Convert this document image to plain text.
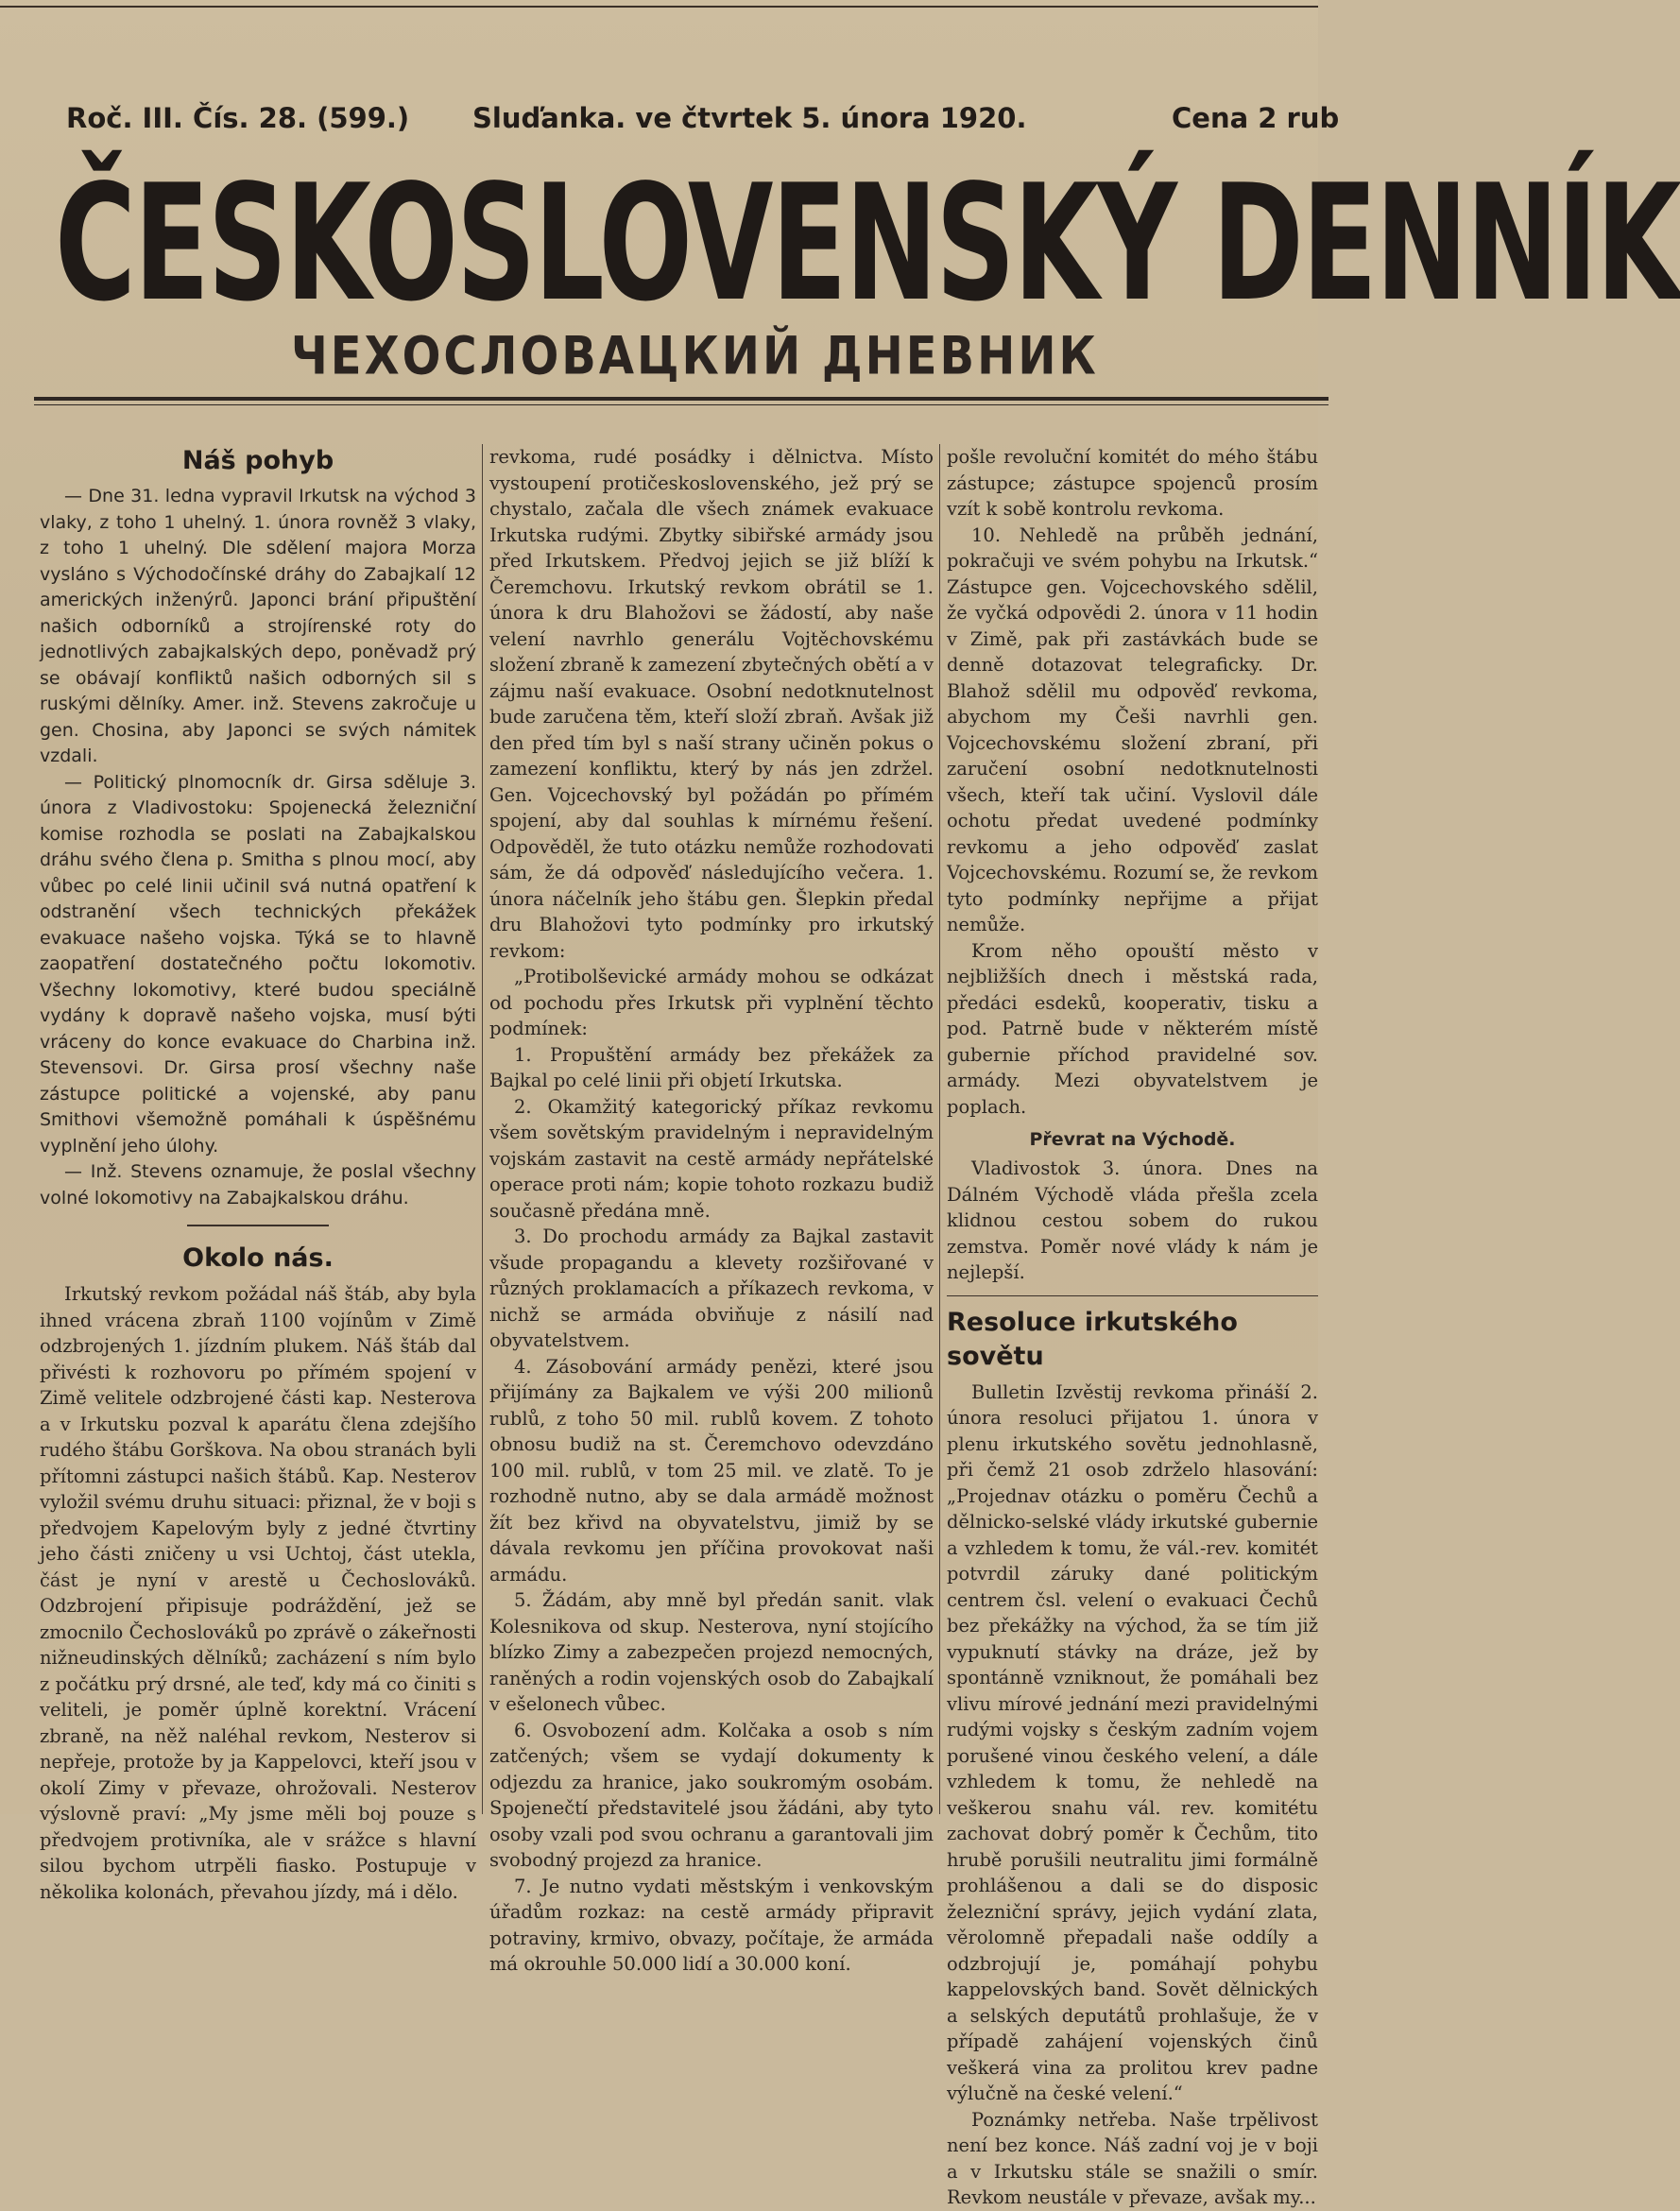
Roč. III. Čís. 28. (599.) Sluďanka. ve čtvrtek 5. února 1920.	Cena 2 rub
ČESKOSLOVENSKÝ DENNÍK
ЧЕХОСЛОВАЦКИЙ ДНЕВНИК
Náš pohyb

— Dne 31. ledna vypravil Irkutsk na východ 3 vlaky, z toho 1 uhelný. 1. února rovněž 3 vlaky, z toho 1 uhelný. Dle sdělení majora Morza vysláno s Východočínské dráhy do Zabajkalí 12 amerických inženýrů. Japonci brání připuštění našich odborníků a strojírenské roty do jednotlivých zabajkalských depo, poněvadž prý se obávají konfliktů našich odborných sil s ruskými dělníky. Amer. inž. Stevens zakročuje u gen. Chosina, aby Japonci se svých námitek vzdali.

— Politický plnomocník dr. Girsa sděluje 3. února z Vladivostoku: Spojenecká železniční komise rozhodla se poslati na Zabajkalskou dráhu svého člena p. Smitha s plnou mocí, aby vůbec po celé linii učinil svá nutná opatření k odstranění všech technických překážek evakuace našeho vojska. Týká se to hlavně zaopatření dostatečného počtu lokomotiv. Všechny lokomotivy, které budou speciálně vydány k dopravě našeho vojska, musí býti vráceny do konce evakuace do Charbina inž. Stevensovi. Dr. Girsa prosí všechny naše zástupce politické a vojenské, aby panu Smithovi všemožně pomáhali k úspěšnému vyplnění jeho úlohy.

— Inž. Stevens oznamuje, že poslal všechny volné lokomotivy na Zabajkalskou dráhu.

Okolo nás.

Irkutský revkom požádal náš štáb, aby byla ihned vrácena zbraň 1100 vojínům v Zimě odzbrojených 1. jízdním plukem. Náš štáb dal přivésti k rozhovoru po přímém spojení v Zimě velitele odzbrojené části kap. Nesterova a v Irkutsku pozval k aparátu člena zdejšího rudého štábu Gorškova. Na obou stranách byli přítomni zástupci našich štábů. Kap. Nesterov vyložil svému druhu situaci: přiznal, že v boji s předvojem Kapelovým byly z jedné čtvrtiny jeho části zničeny u vsi Uchtoj, část utekla, část je nyní v arestě u Čechoslováků. Odzbrojení připisuje podráždění, jež se zmocnilo Čechoslováků po zprávě o zákeřnosti nižneudinských dělníků; zacházení s ním bylo z počátku prý drsné, ale teď, kdy má co činiti s veliteli, je poměr úplně korektní. Vrácení zbraně, na něž naléhal revkom, Nesterov si nepřeje, protože by ja Kappelovci, kteří jsou v okolí Zimy v převaze, ohrožovali. Nesterov výslovně praví: „My jsme měli boj pouze s předvojem protivníka, ale v srážce s hlavní silou bychom utrpěli fiasko. Postupuje v několika kolonách, převahou jízdy, má i dělo.

revkoma, rudé posádky i dělnictva. Místo vystoupení protičeskoslovenského, jež prý se chystalo, začala dle všech známek evakuace Irkutska rudými. Zbytky sibiřské armády jsou před Irkutskem. Předvoj jejich se již blíží k Čeremchovu. Irkutský revkom obrátil se 1. února k dru Blahožovi se žádostí, aby naše velení navrhlo generálu Vojtěchovskému složení zbraně k zamezení zbytečných obětí a v zájmu naší evakuace. Osobní nedotknutelnost bude zaručena těm, kteří složí zbraň. Avšak již den před tím byl s naší strany učiněn pokus o zamezení konfliktu, který by nás jen zdržel. Gen. Vojcechovský byl požádán po přímém spojení, aby dal souhlas k mírnému řešení. Odpověděl, že tuto otázku nemůže rozhodovati sám, že dá odpověď následujícího večera. 1. února náčelník jeho štábu gen. Šlepkin předal dru Blahožovi tyto podmínky pro irkutský revkom:

„Protibolševické armády mohou se odkázat od pochodu přes Irkutsk při vyplnění těchto podmínek:

1. Propuštění armády bez překážek za Bajkal po celé linii při objetí Irkutska.

2. Okamžitý kategorický příkaz revkomu všem sovětským pravidelným i nepravidelným vojskám zastavit na cestě armády nepřátelské operace proti nám; kopie tohoto rozkazu budiž současně předána mně.

3. Do prochodu armády za Bajkal zastavit všude propagandu a klevety rozšiřované v různých proklamacích a příkazech revkoma, v nichž se armáda obviňuje z násilí nad obyvatelstvem.

4. Zásobování armády penězi, které jsou přijímány za Bajkalem ve výši 200 milionů rublů, z toho 50 mil. rublů kovem. Z tohoto obnosu budiž na st. Čeremchovo odevzdáno 100 mil. rublů, v tom 25 mil. ve zlatě. To je rozhodně nutno, aby se dala armádě možnost žít bez křivd na obyvatelstvu, jimiž by se dávala revkomu jen příčina provokovat naši armádu.

5. Žádám, aby mně byl předán sanit. vlak Kolesnikova od skup. Nesterova, nyní stojícího blízko Zimy a zabezpečen projezd nemocných, raněných a rodin vojenských osob do Zabajkalí v ešelonech vůbec.

6. Osvobození adm. Kolčaka a osob s ním zatčených; všem se vydají dokumenty k odjezdu za hranice, jako soukromým osobám. Spojenečtí představitelé jsou žádáni, aby tyto osoby vzali pod svou ochranu a garantovali jim svobodný projezd za hranice.

7. Je nutno vydati městským i venkovským úřadům rozkaz: na cestě armády připravit potraviny, krmivo, obvazy, počítaje, že armáda má okrouhle 50.000 lidí a 30.000 koní.

pošle revoluční komitét do mého štábu zástupce; zástupce spojenců prosím vzít k sobě kontrolu revkoma.

10. Nehledě na průběh jednání, pokračuji ve svém pohybu na Irkutsk.“ Zástupce gen. Vojcechovského sdělil, že vyčká odpovědi 2. února v 11 hodin v Zimě, pak při zastávkách bude se denně dotazovat telegraficky. Dr. Blahož sdělil mu odpověď revkoma, abychom my Češi navrhli gen. Vojcechovskému složení zbraní, při zaručení osobní nedotknutelnosti všech, kteří tak učiní. Vyslovil dále ochotu předat uvedené podmínky revkomu a jeho odpověď zaslat Vojcechovskému. Rozumí se, že revkom tyto podmínky nepřijme a přijat nemůže.

Krom něho opouští město v nejbližších dnech i městská rada, předáci esdeků, kooperativ, tisku a pod. Patrně bude v některém místě gubernie příchod pravidelné sov. armády. Mezi obyvatelstvem je poplach.

Převrat na Východě.

Vladivostok 3. února. Dnes na Dálném Východě vláda přešla zcela klidnou cestou sobem do rukou zemstva. Poměr nové vlády k nám je nejlepší.

Resoluce irkutského sovětu

Bulletin Izvěstij revkoma přináší 2. února resoluci přijatou 1. února v plenu irkutského sovětu jednohlasně, při čemž 21 osob zdrželo hlasování: „Projednav otázku o poměru Čechů a dělnicko-selské vlády irkutské gubernie a vzhledem k tomu, že vál.-rev. komitét potvrdil záruky dané politickým centrem čsl. velení o evakuaci Čechů bez překážky na východ, ža se tím již vypuknutí stávky na dráze, jež by spontánně vzniknout, že pomáhali bez vlivu mírové jednání mezi pravidelnými rudými vojsky s českým zadním vojem porušené vinou českého velení, a dále vzhledem k tomu, že nehledě na veškerou snahu vál. rev. komitétu zachovat dobrý poměr k Čechům, tito hrubě porušili neutralitu jimi formálně prohlášenou a dali se do disposic železniční správy, jejich vydání zlata, věrolomně přepadali naše oddíly a odzbrojují je, pomáhají pohybu kappelovských band. Sovět dělnických a selských deputátů prohlašuje, že v případě zahájení vojenských činů veškerá vina za prolitou krev padne výlučně na české velení.“

Poznámky netřeba. Naše trpělivost není bez konce. Náš zadní voj je v boji a v Irkutsku stále se snažili o smír. Revkom neustále v převaze, avšak my...
